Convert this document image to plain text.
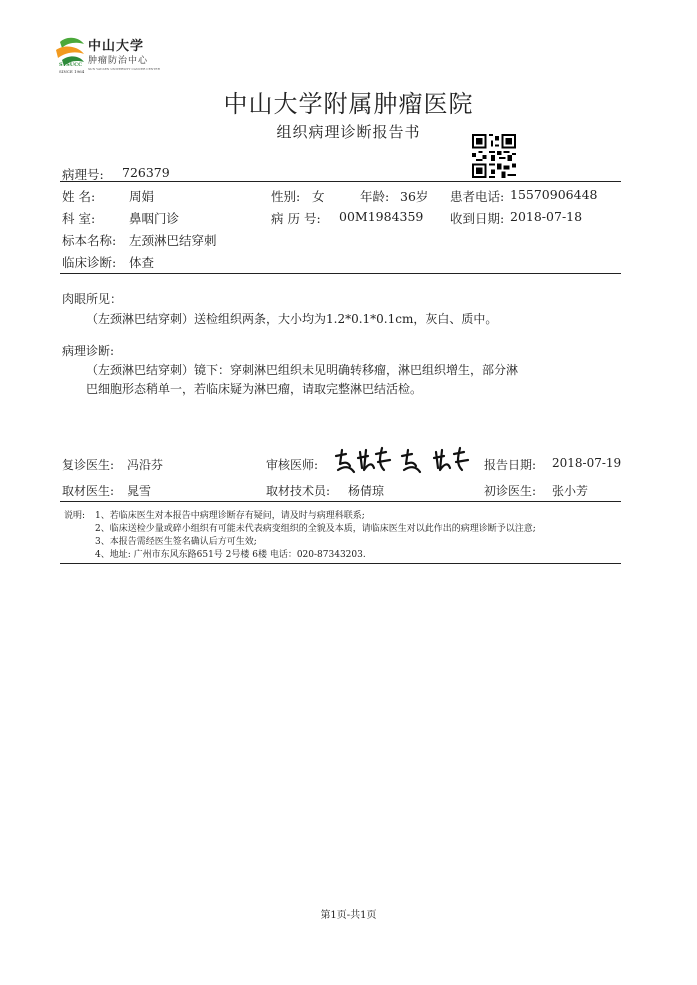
中山大学
肿瘤防治中心
SYSUCC
SINCE 1964 SUN YAT-SEN UNIVERSITY CANCER CENTER
中山大学附属肿瘤医院
组织病理诊断报告书
病理号: 726379
姓 名:	周娟	性别: 女	年龄: 36岁 患者电话: 15570906448
科 室:	鼻咽门诊	病 历 号: 00M1984359 收到日期: 2018-07-18
标本名称: 左颈淋巴结穿刺
临床诊断: 体查
肉眼所见：
（左颈淋巴结穿刺）送检组织两条，大小均为1.2*0.1*0.1cm，灰白、质中。
病理诊断:
（左颈淋巴结穿刺）镜下：穿刺淋巴组织未见明确转移瘤，淋巴组织增生，部分淋
巴细胞形态稍单一，若临床疑为淋巴瘤，请取完整淋巴结活检。
复诊医生: 冯沿芬	审核医师:	报告日期: 2018-07-19
取材医生: 晁雪	取材技术员: 杨倩琼	初诊医生: 张小芳
说明: 1、若临床医生对本报告中病理诊断存有疑问，请及时与病理科联系;
2、临床送检少量或碎小组织有可能未代表病变组织的全貌及本质，请临床医生对以此作出的病理诊断予以注意;
3、本报告需经医生签名确认后方可生效;
4、地址: 广州市东风东路651号 2号楼 6楼 电话：020-87343203.
第1页-共1页
